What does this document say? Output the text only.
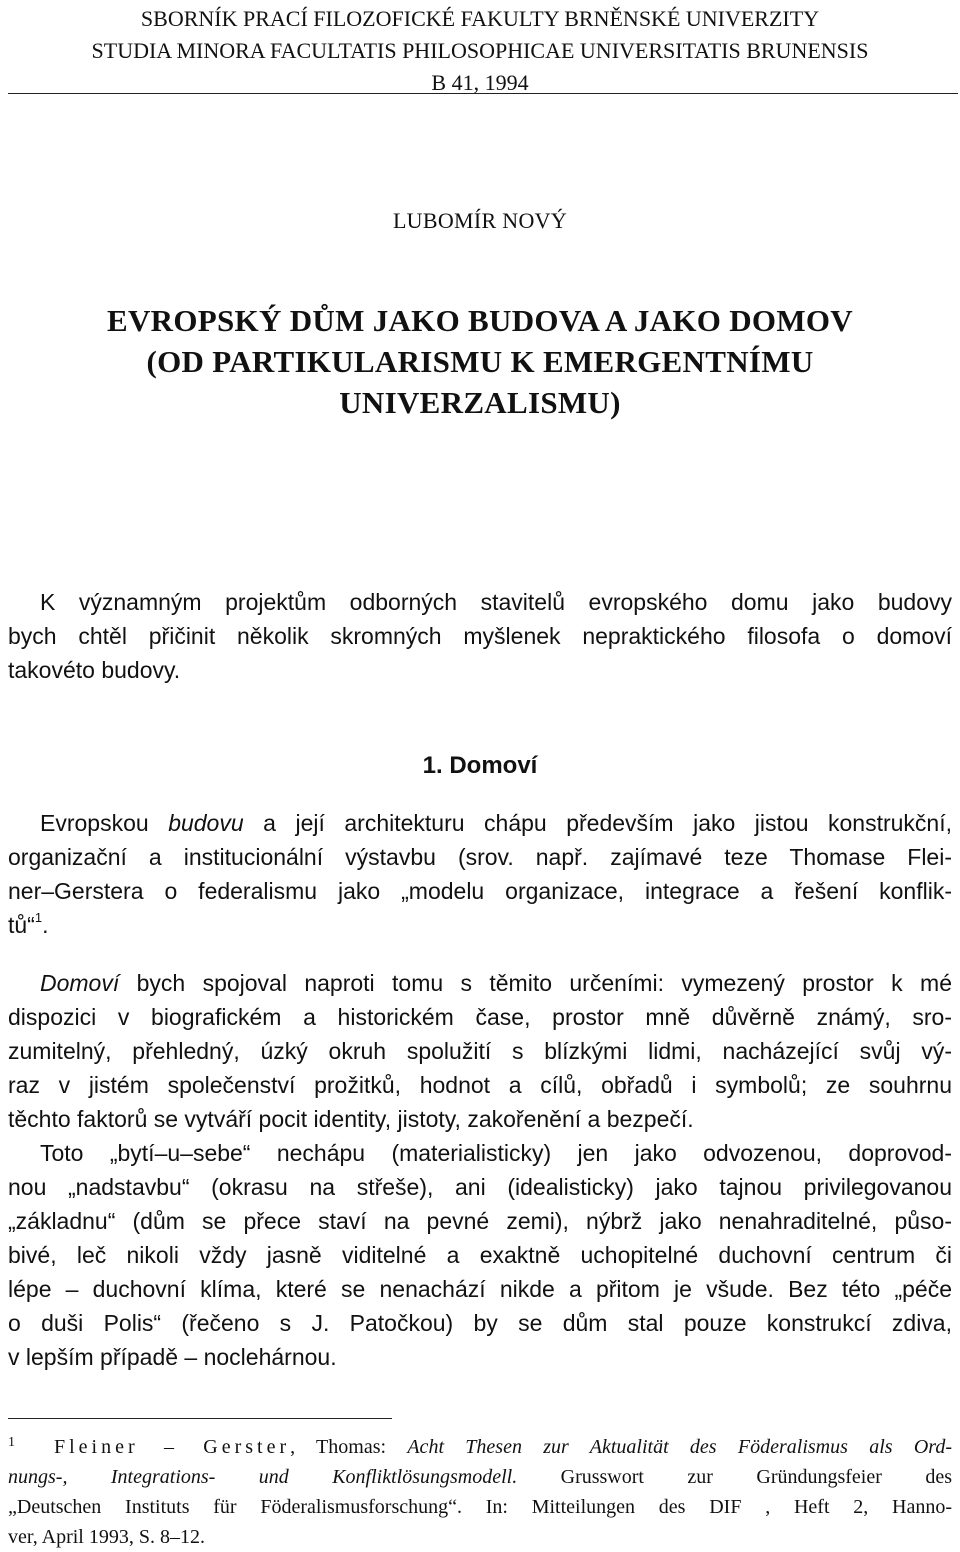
SBORNÍK PRACÍ FILOZOFICKÉ FAKULTY BRNĚNSKÉ UNIVERZITY
STUDIA MINORA FACULTATIS PHILOSOPHICAE UNIVERSITATIS BRUNENSIS
B 41, 1994
LUBOMÍR NOVÝ
EVROPSKÝ DŮM JAKO BUDOVA A JAKO DOMOV
(OD PARTIKULARISMU K EMERGENTNÍMU
UNIVERZALISMU)
K významným projektům odborných stavitelů evropského domu jako budovy
bych chtěl přičinit několik skromných myšlenek nepraktického filosofa o domoví
takovéto budovy.
1. Domoví
Evropskou budovu a její architekturu chápu především jako jistou konstrukční,
organizační a institucionální výstavbu (srov. např. zajímavé teze Thomase Flei-
ner–Gerstera o federalismu jako „modelu organizace, integrace a řešení konflik-
tů“$^1$.
Domoví bych spojoval naproti tomu s těmito určeními: vymezený prostor k mé
dispozici v biografickém a historickém čase, prostor mně důvěrně známý, sro-
zumitelný, přehledný, úzký okruh spolužití s blízkými lidmi, nacházející svůj vý-
raz v jistém společenství prožitků, hodnot a cílů, obřadů i symbolů; ze souhrnu
těchto faktorů se vytváří pocit identity, jistoty, zakořenění a bezpečí.
Toto „bytí–u–sebe“ nechápu (materialisticky) jen jako odvozenou, doprovod-
nou „nadstavbu“ (okrasu na střeše), ani (idealisticky) jako tajnou privilegovanou
„základnu“ (dům se přece staví na pevné zemi), nýbrž jako nenahraditelné, půso-
bivé, leč nikoli vždy jasně viditelné a exaktně uchopitelné duchovní centrum či
lépe – duchovní klíma, které se nenachází nikde a přitom je všude. Bez této „péče
o duši Polis“ (řečeno s J. Patočkou) by se dům stal pouze konstrukcí zdiva,
v lepším případě – noclehárnou.
1 Fleiner – Gerster, Thomas: Acht Thesen zur Aktualität des Föderalismus als Ord-
nungs-, Integrations- und Konfliktlösungsmodell. Grusswort zur Gründungsfeier des
„Deutschen Instituts für Föderalismusforschung“. In: Mitteilungen des DIF , Heft 2, Hanno-
ver, April 1993, S. 8–12.
